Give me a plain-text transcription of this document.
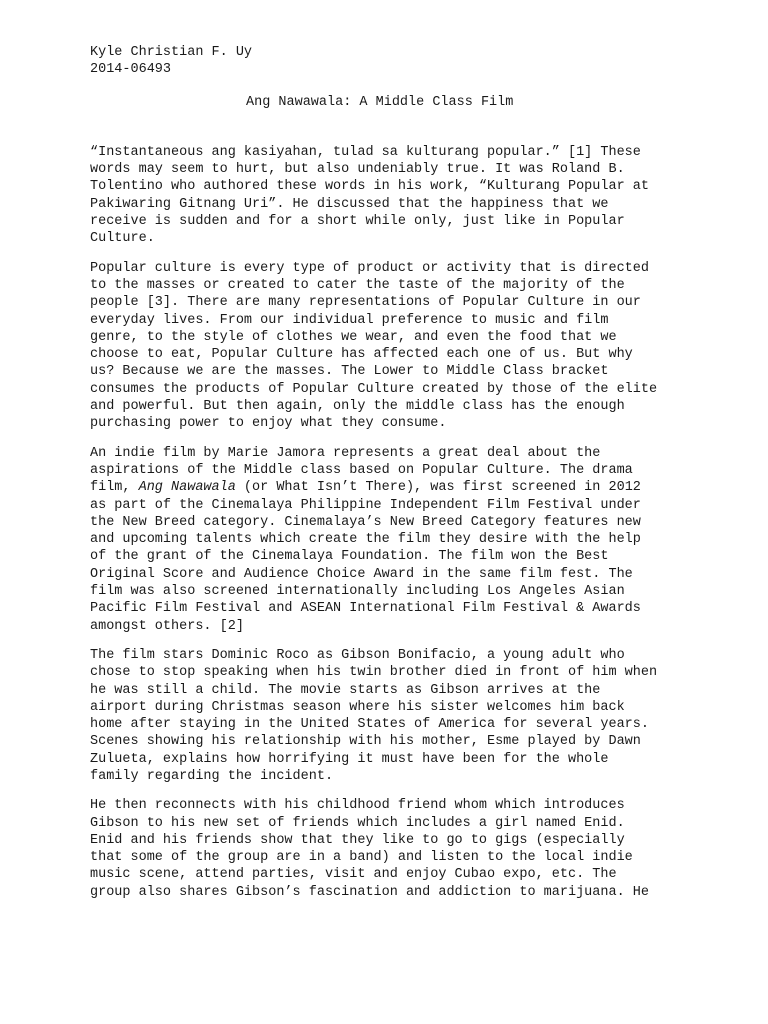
Kyle Christian F. Uy
2014-06493
Ang Nawawala: A Middle Class Film

“Instantaneous ang kasiyahan, tulad sa kulturang popular.” [1] These
words may seem to hurt, but also undeniably true. It was Roland B.
Tolentino who authored these words in his work, “Kulturang Popular at
Pakiwaring Gitnang Uri”. He discussed that the happiness that we
receive is sudden and for a short while only, just like in Popular
Culture.

Popular culture is every type of product or activity that is directed
to the masses or created to cater the taste of the majority of the
people [3]. There are many representations of Popular Culture in our
everyday lives. From our individual preference to music and film
genre, to the style of clothes we wear, and even the food that we
choose to eat, Popular Culture has affected each one of us. But why
us? Because we are the masses. The Lower to Middle Class bracket
consumes the products of Popular Culture created by those of the elite
and powerful. But then again, only the middle class has the enough
purchasing power to enjoy what they consume.

An indie film by Marie Jamora represents a great deal about the
aspirations of the Middle class based on Popular Culture. The drama
film, Ang Nawawala (or What Isn’t There), was first screened in 2012
as part of the Cinemalaya Philippine Independent Film Festival under
the New Breed category. Cinemalaya’s New Breed Category features new
and upcoming talents which create the film they desire with the help
of the grant of the Cinemalaya Foundation. The film won the Best
Original Score and Audience Choice Award in the same film fest. The
film was also screened internationally including Los Angeles Asian
Pacific Film Festival and ASEAN International Film Festival & Awards
amongst others. [2]

The film stars Dominic Roco as Gibson Bonifacio, a young adult who
chose to stop speaking when his twin brother died in front of him when
he was still a child. The movie starts as Gibson arrives at the
airport during Christmas season where his sister welcomes him back
home after staying in the United States of America for several years.
Scenes showing his relationship with his mother, Esme played by Dawn
Zulueta, explains how horrifying it must have been for the whole
family regarding the incident.

He then reconnects with his childhood friend whom which introduces
Gibson to his new set of friends which includes a girl named Enid.
Enid and his friends show that they like to go to gigs (especially
that some of the group are in a band) and listen to the local indie
music scene, attend parties, visit and enjoy Cubao expo, etc. The
group also shares Gibson’s fascination and addiction to marijuana. He
